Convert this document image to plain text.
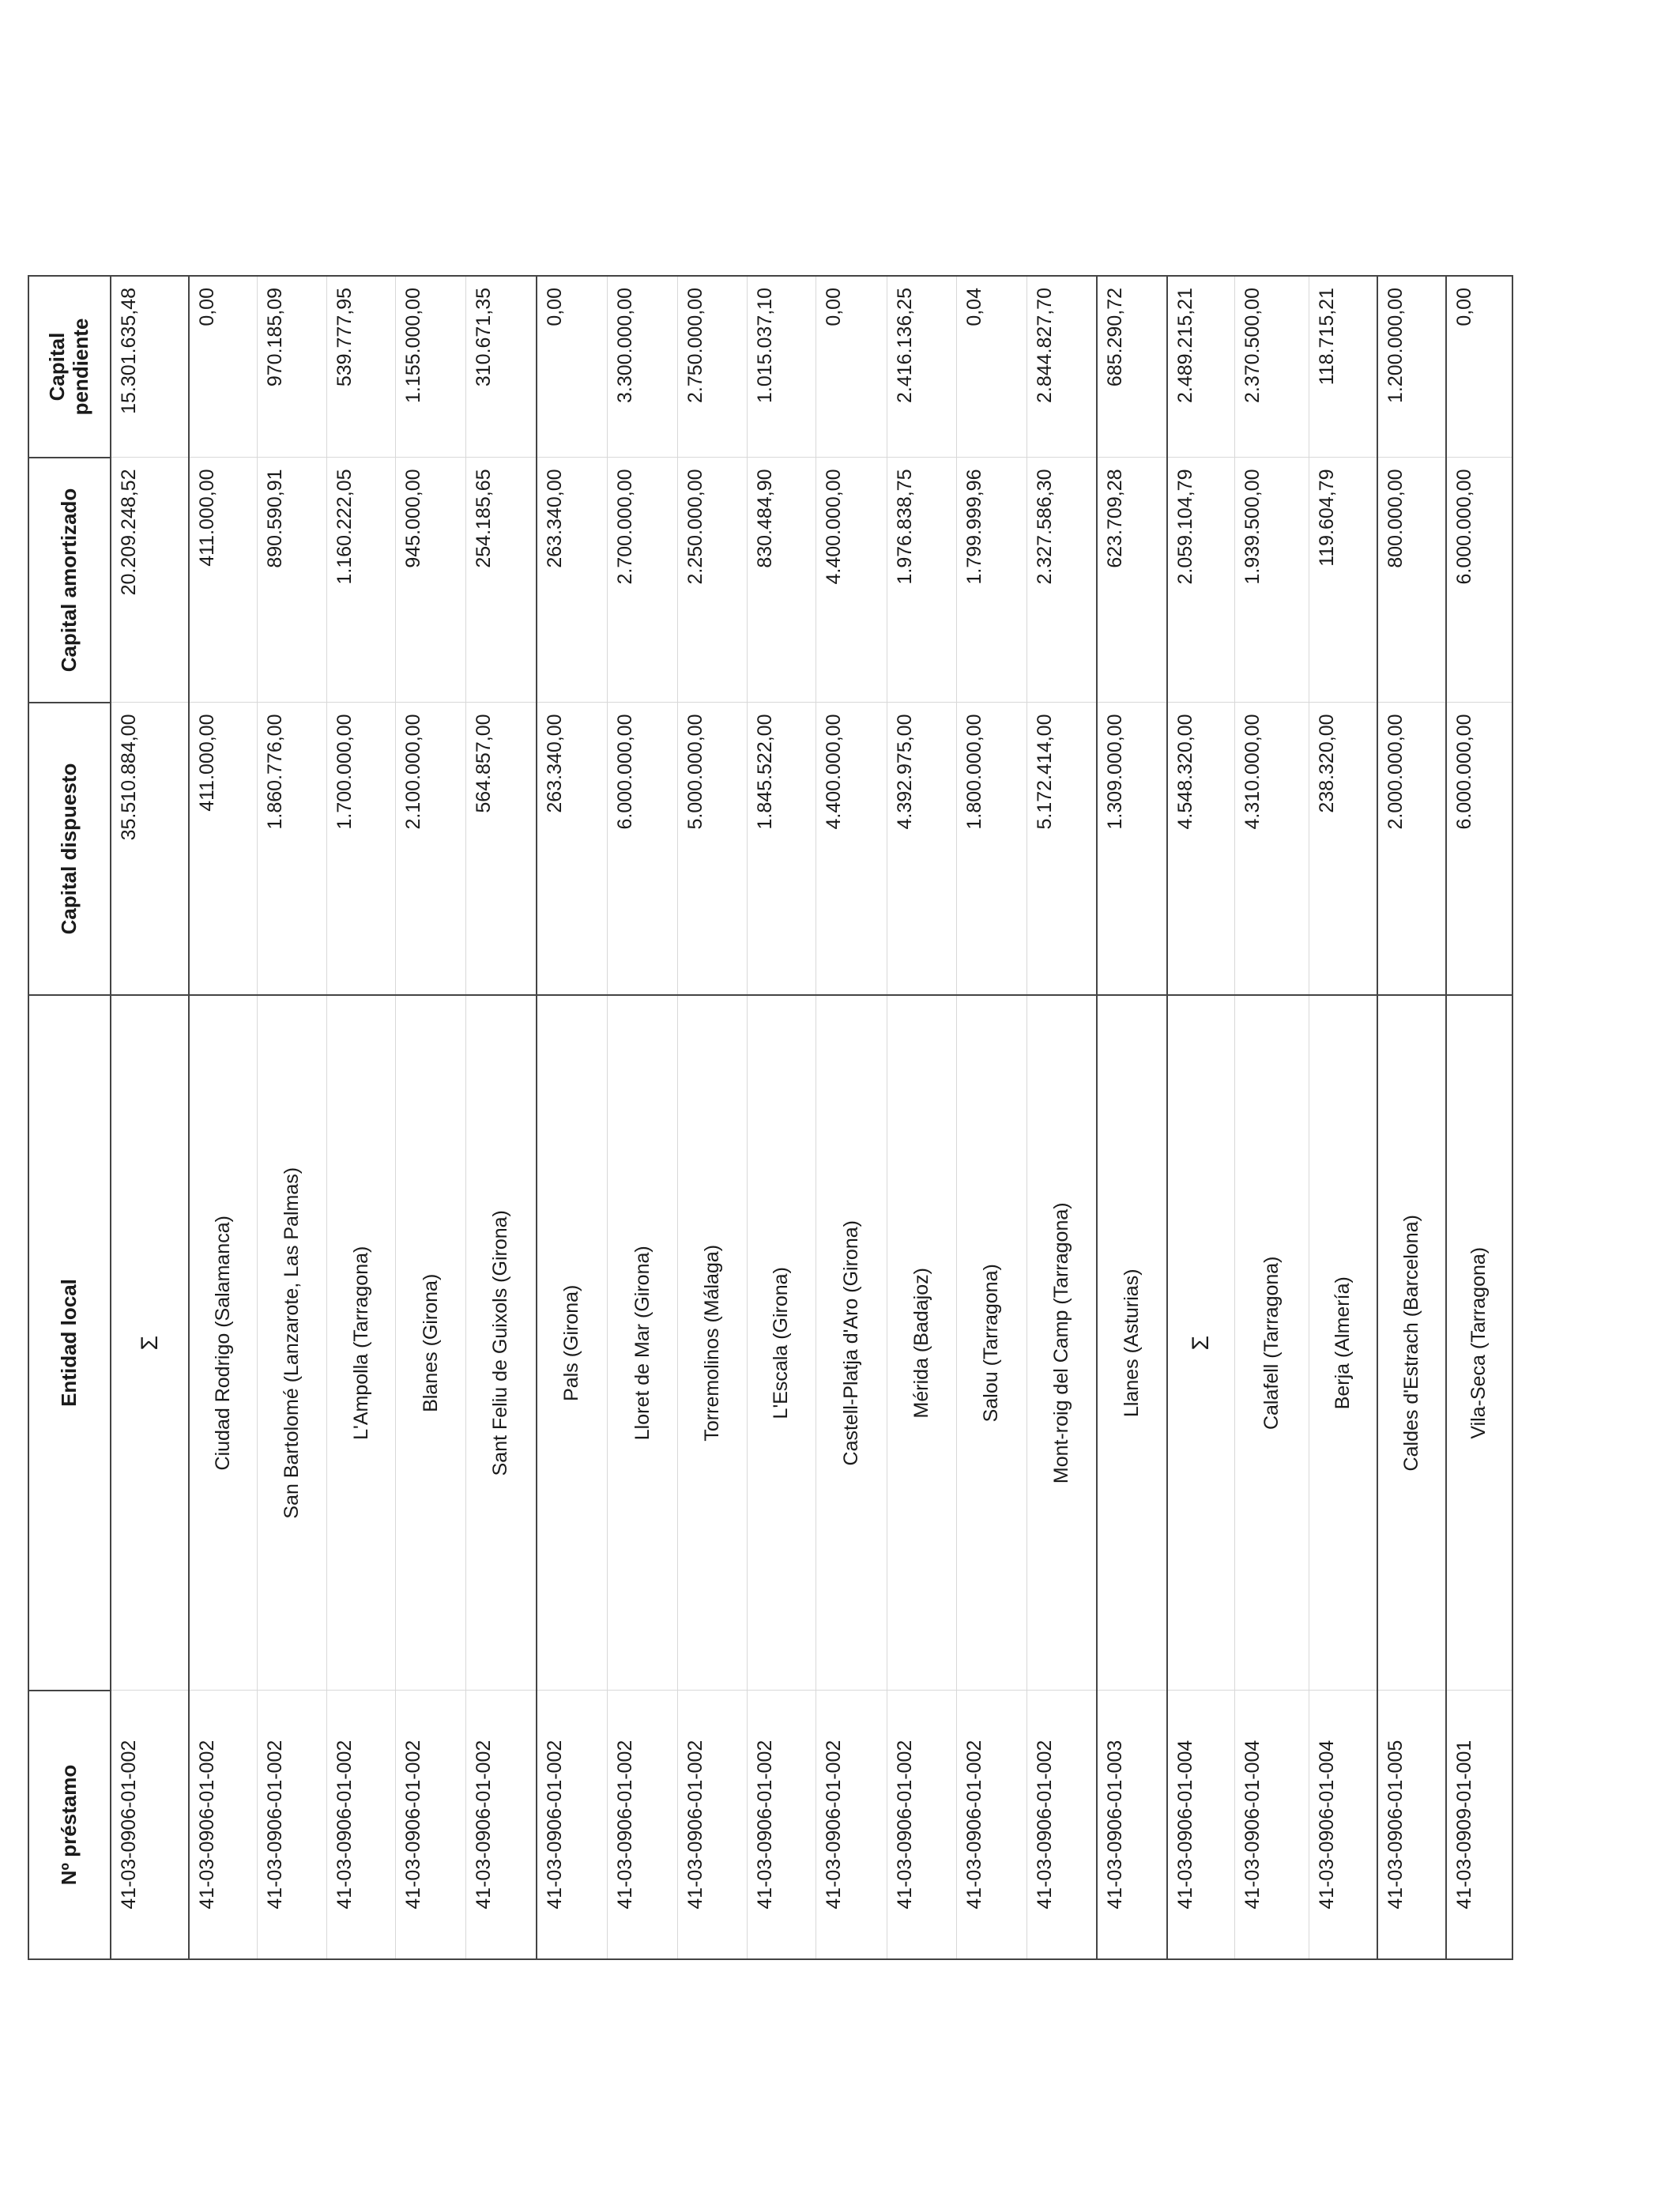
Nº préstamo	Entidad local	Capital dispuesto	Capital amortizado	Capital pendiente

41-03-0906-01-002	Σ	35.510.884,00	20.209.248,52	15.301.635,48
41-03-0906-01-002	Ciudad Rodrigo (Salamanca)	411.000,00	411.000,00	0,00
41-03-0906-01-002	San Bartolomé (Lanzarote, Las Palmas)	1.860.776,00	890.590,91	970.185,09
41-03-0906-01-002	L'Ampolla (Tarragona)	1.700.000,00	1.160.222,05	539.777,95
41-03-0906-01-002	Blanes (Girona)	2.100.000,00	945.000,00	1.155.000,00
41-03-0906-01-002	Sant Feliu de Guixols (Girona)	564.857,00	254.185,65	310.671,35
41-03-0906-01-002	Pals (Girona)	263.340,00	263.340,00	0,00
41-03-0906-01-002	Lloret de Mar (Girona)	6.000.000,00	2.700.000,00	3.300.000,00
41-03-0906-01-002	Torremolinos (Málaga)	5.000.000,00	2.250.000,00	2.750.000,00
41-03-0906-01-002	L'Escala (Girona)	1.845.522,00	830.484,90	1.015.037,10
41-03-0906-01-002	Castell-Platja d'Aro (Girona)	4.400.000,00	4.400.000,00	0,00
41-03-0906-01-002	Mérida (Badajoz)	4.392.975,00	1.976.838,75	2.416.136,25
41-03-0906-01-002	Salou (Tarragona)	1.800.000,00	1.799.999,96	0,04
41-03-0906-01-002	Mont-roig del Camp (Tarragona)	5.172.414,00	2.327.586,30	2.844.827,70
41-03-0906-01-003	Llanes (Asturias)	1.309.000,00	623.709,28	685.290,72
41-03-0906-01-004	Σ	4.548.320,00	2.059.104,79	2.489.215,21
41-03-0906-01-004	Calafell (Tarragona)	4.310.000,00	1.939.500,00	2.370.500,00
41-03-0906-01-004	Berja (Almería)	238.320,00	119.604,79	118.715,21
41-03-0906-01-005	Caldes d'Estrach (Barcelona)	2.000.000,00	800.000,00	1.200.000,00
41-03-0909-01-001	Vila-Seca (Tarragona)	6.000.000,00	6.000.000,00	0,00
